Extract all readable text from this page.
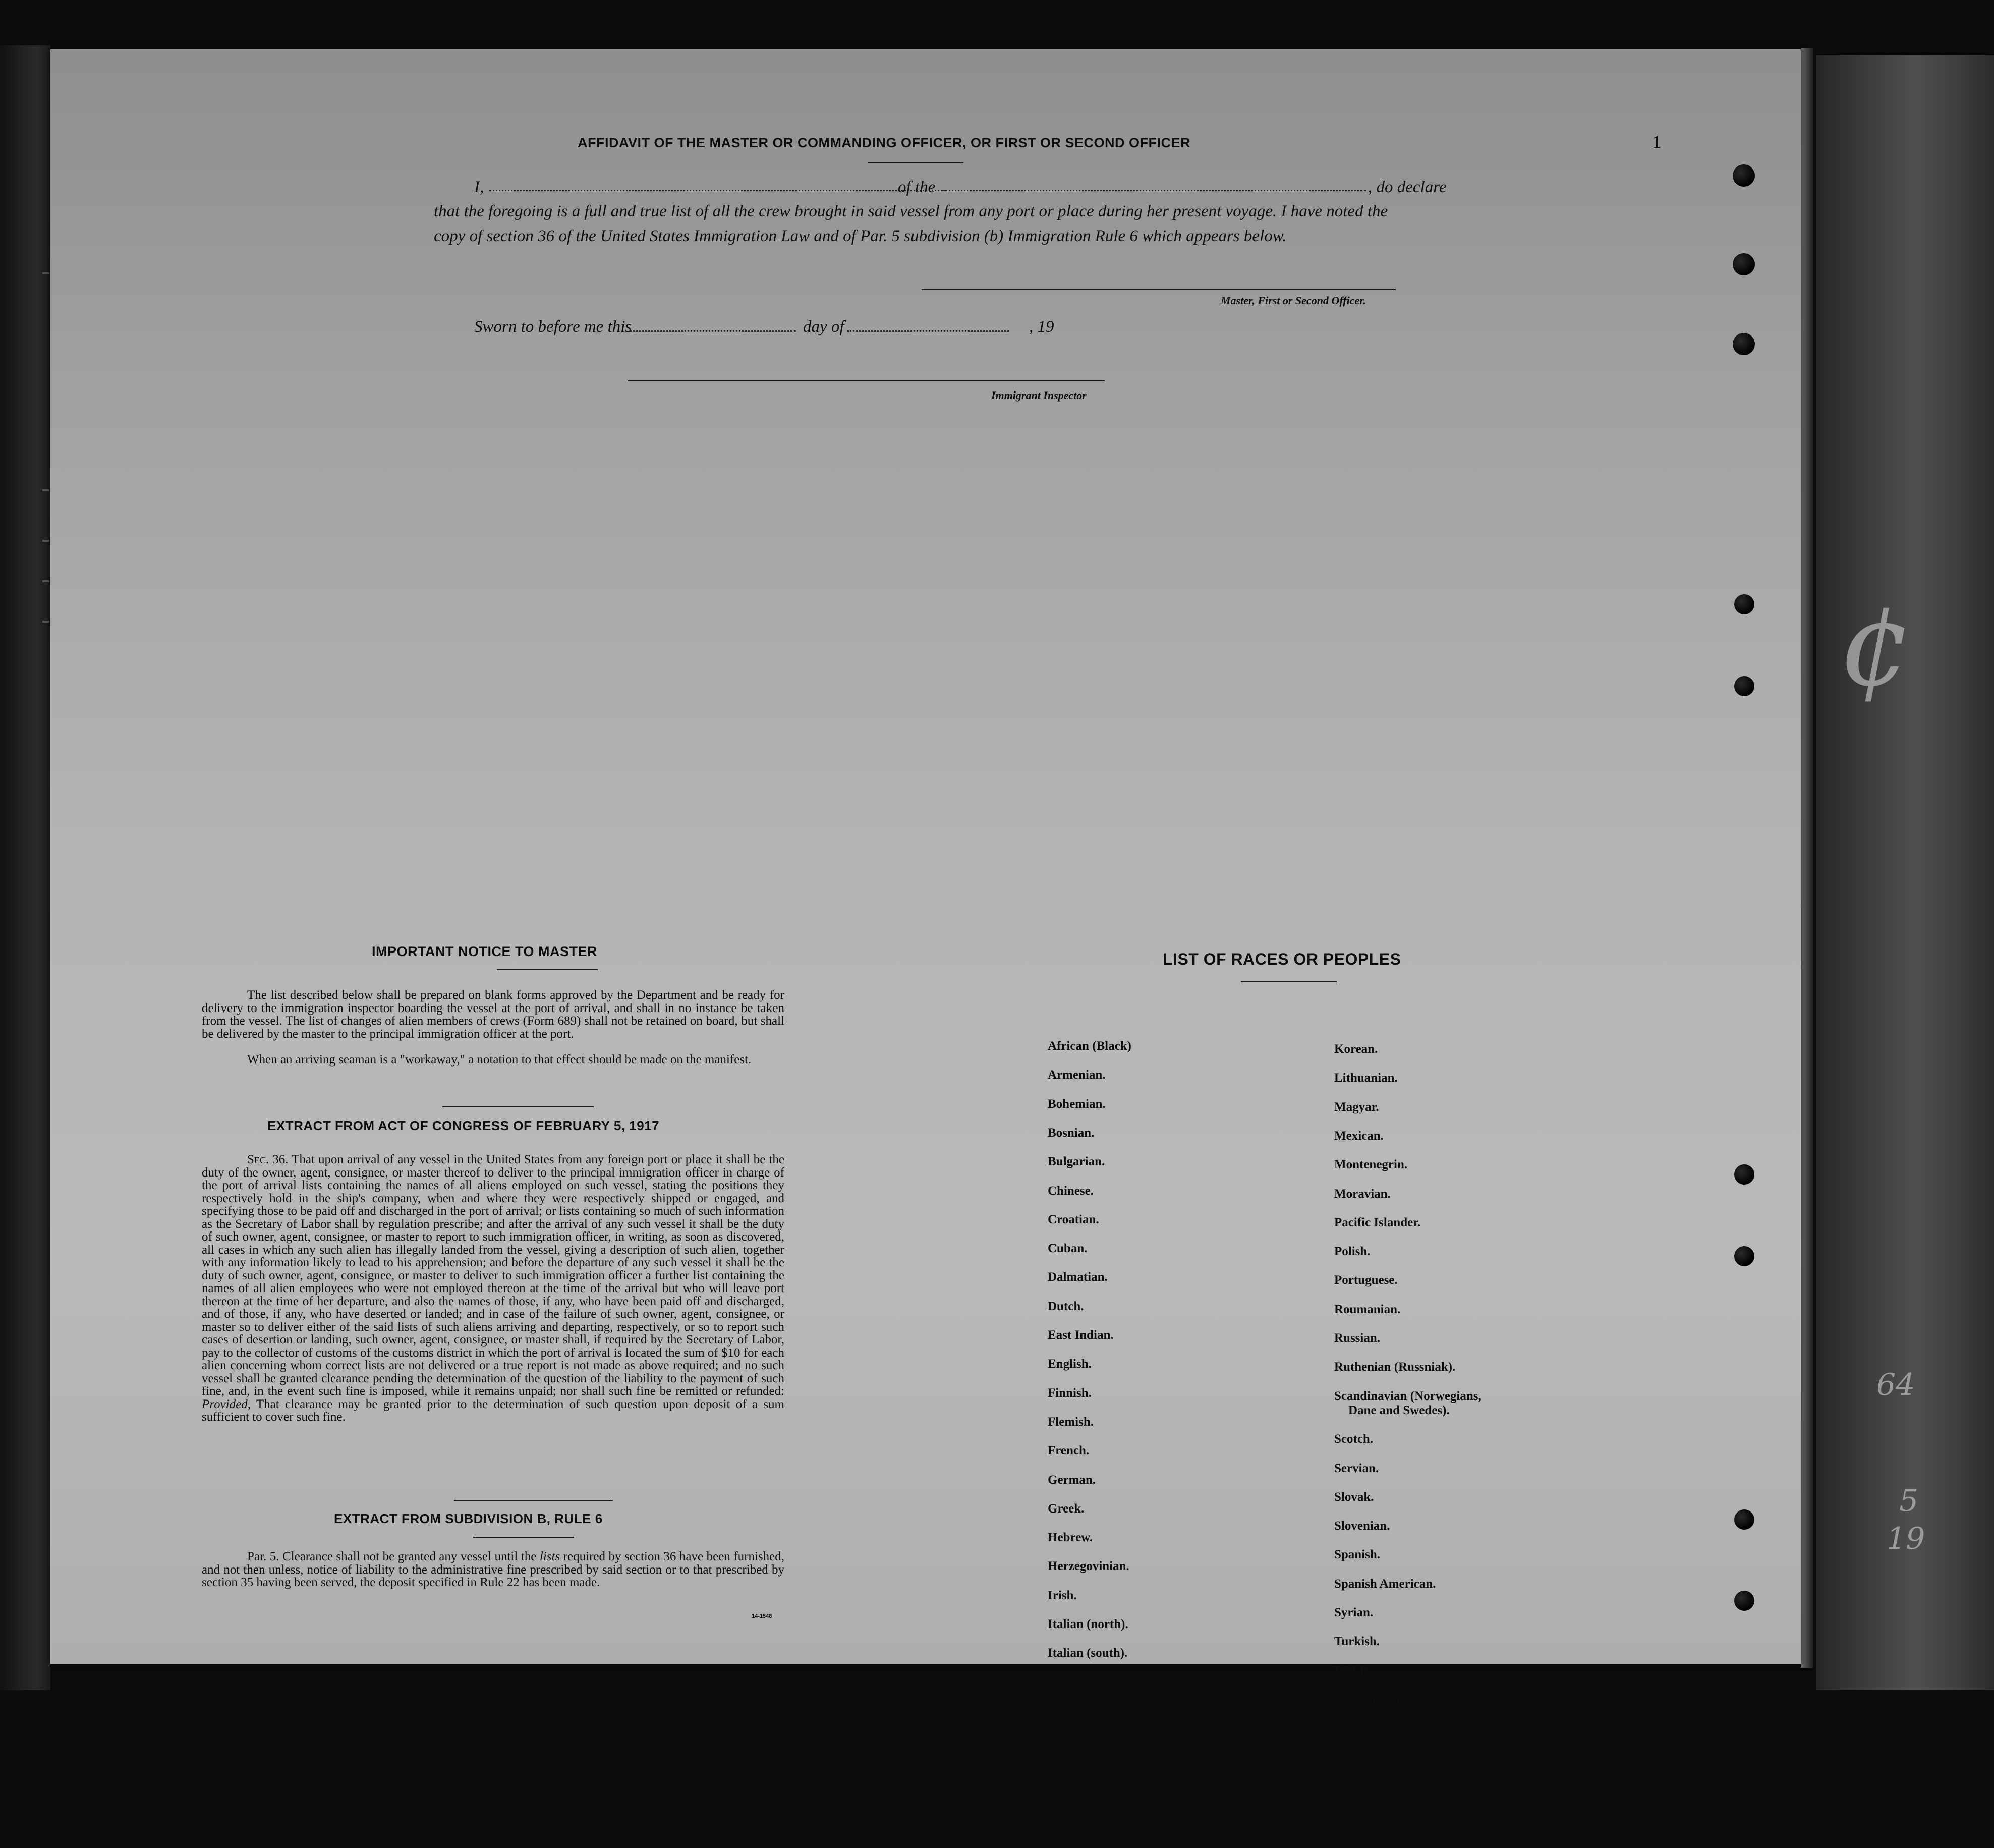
¢
64
5
19
AFFIDAVIT OF THE MASTER OR COMMANDING OFFICER, OR FIRST OR SECOND OFFICER	1
I,	of the	, do declare
that the foregoing is a full and true list of all the crew brought in said vessel from any port or place during her present voyage. I have noted the
copy of section 36 of the United States Immigration Law and of Par. 5 subdivision (b) Immigration Rule 6 which appears below.
Master, First or Second Officer.
Sworn to before me this	day of	, 19
Immigrant Inspector
IMPORTANT NOTICE TO MASTER
The list described below shall be prepared on blank forms approved by the Department and be ready for delivery to the immigration inspector boarding the vessel at the port of arrival, and shall in no instance be taken from the vessel. The list of changes of alien members of crews (Form 689) shall not be retained on board, but shall be delivered by the master to the principal immigration officer at the port.
When an arriving seaman is a "workaway," a notation to that effect should be made on the manifest.
EXTRACT FROM ACT OF CONGRESS OF FEBRUARY 5, 1917
Sec. 36. That upon arrival of any vessel in the United States from any foreign port or place it shall be the duty of the owner, agent, consignee, or master thereof to deliver to the principal immigration officer in charge of the port of arrival lists containing the names of all aliens employed on such vessel, stating the positions they respectively hold in the ship's company, when and where they were respectively shipped or engaged, and specifying those to be paid off and discharged in the port of arrival; or lists containing so much of such information as the Secretary of Labor shall by regulation prescribe; and after the arrival of any such vessel it shall be the duty of such owner, agent, consignee, or master to report to such immigration officer, in writing, as soon as discovered, all cases in which any such alien has illegally landed from the vessel, giving a description of such alien, together with any information likely to lead to his apprehension; and before the departure of any such vessel it shall be the duty of such owner, agent, consignee, or master to deliver to such immigration officer a further list containing the names of all alien employees who were not employed thereon at the time of the arrival but who will leave port thereon at the time of her departure, and also the names of those, if any, who have been paid off and discharged, and of those, if any, who have deserted or landed; and in case of the failure of such owner, agent, consignee, or master so to deliver either of the said lists of such aliens arriving and departing, respectively, or so to report such cases of desertion or landing, such owner, agent, consignee, or master shall, if required by the Secretary of Labor, pay to the collector of customs of the customs district in which the port of arrival is located the sum of $10 for each alien concerning whom correct lists are not delivered or a true report is not made as above required; and no such vessel shall be granted clearance pending the determination of the question of the liability to the payment of such fine, and, in the event such fine is imposed, while it remains unpaid; nor shall such fine be remitted or refunded: Provided, That clearance may be granted prior to the determination of such question upon deposit of a sum sufficient to cover such fine.
EXTRACT FROM SUBDIVISION B, RULE 6
Par. 5. Clearance shall not be granted any vessel until the lists required by section 36 have been furnished, and not then unless, notice of liability to the administrative fine prescribed by said section or to that prescribed by section 35 having been served, the deposit specified in Rule 22 has been made.
14-1548
LIST OF RACES OR PEOPLES
African (Black)
Armenian.
Bohemian.
Bosnian.
Bulgarian.
Chinese.
Croatian.
Cuban.
Dalmatian.
Dutch.
East Indian.
English.
Finnish.
Flemish.
French.
German.
Greek.
Hebrew.
Herzegovinian.
Irish.
Italian (north).
Italian (south).
Japanese.
Korean.
Lithuanian.
Magyar.
Mexican.
Montenegrin.
Moravian.
Pacific Islander.
Polish.
Portuguese.
Roumanian.
Russian.
Ruthenian (Russniak).
Scandinavian (Norwegians,
Dane and Swedes).
Scotch.
Servian.
Slovak.
Slovenian.
Spanish.
Spanish American.
Syrian.
Turkish.
Welsh.
West Indian (except Cuban).
